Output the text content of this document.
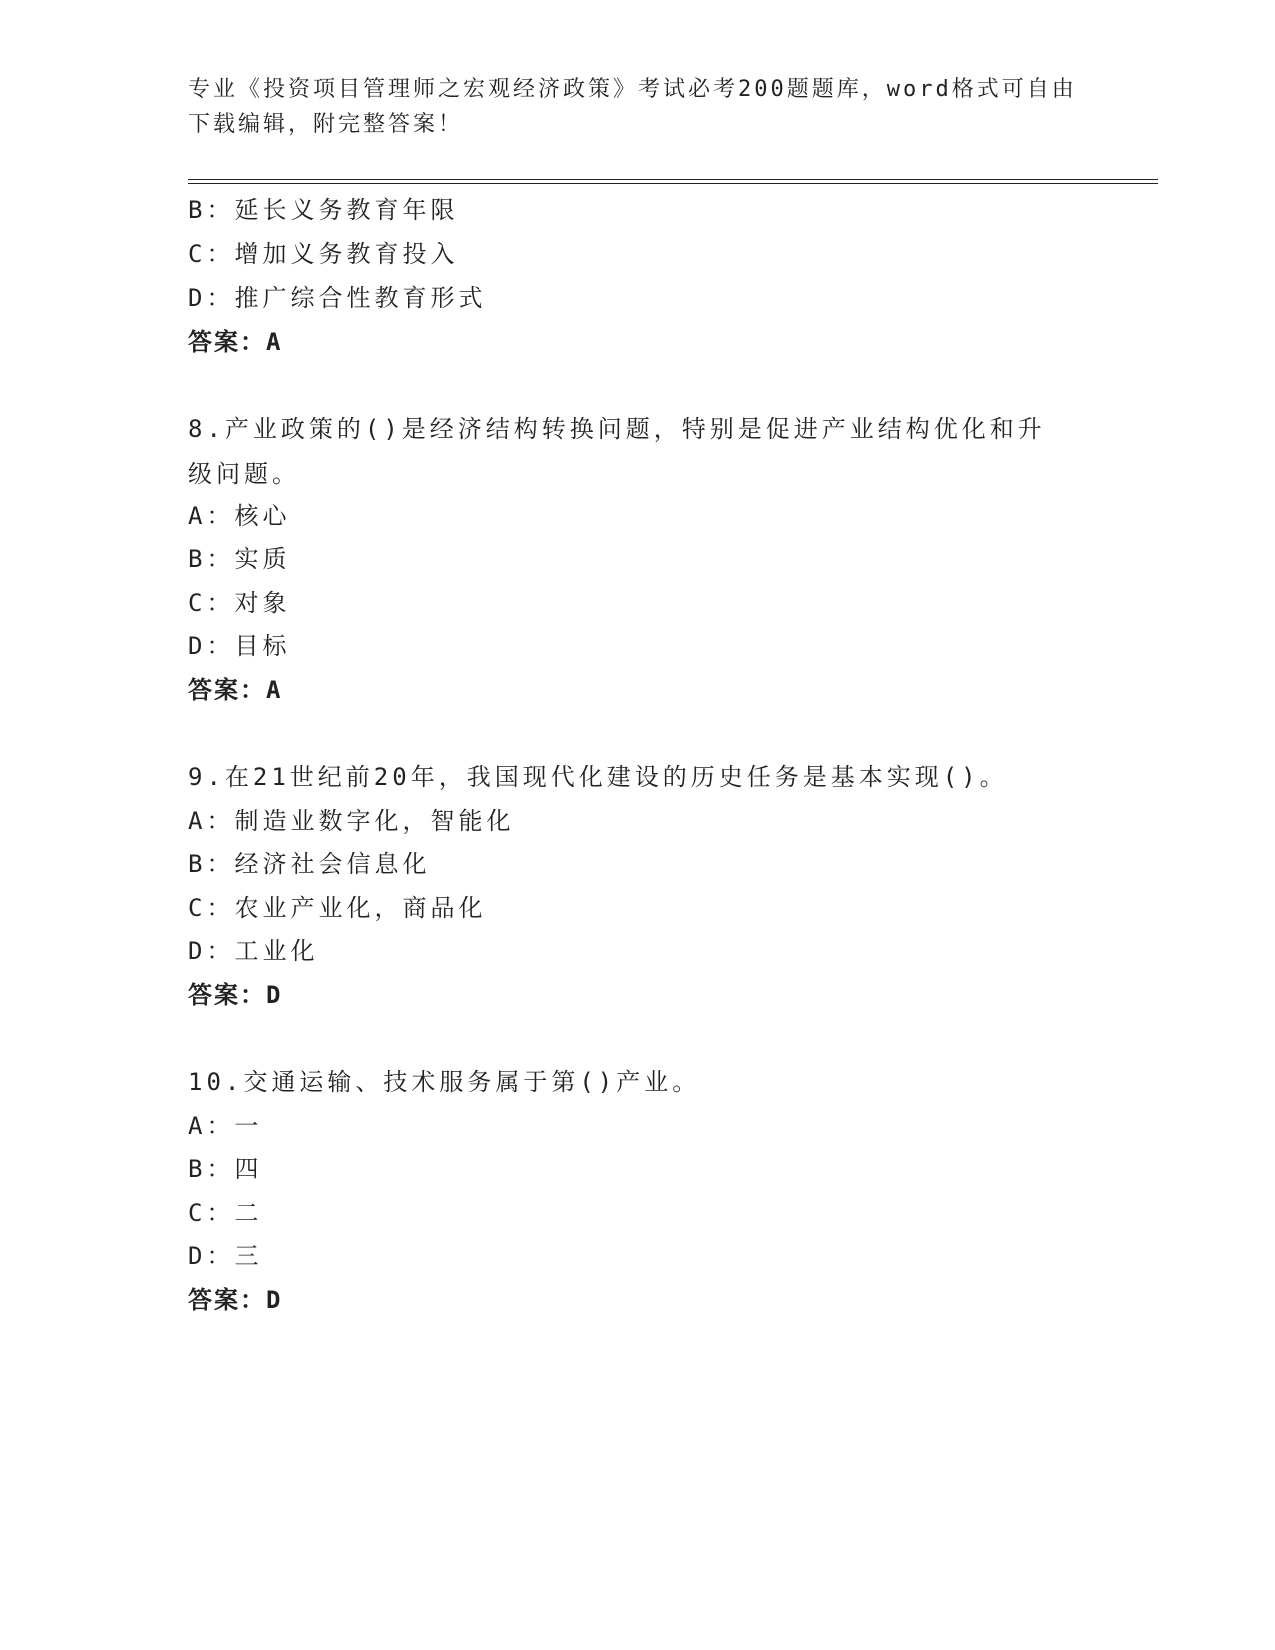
专业《投资项目管理师之宏观经济政策》考试必考200题题库，word格式可自由下载编辑，附完整答案！
B：延长义务教育年限
C：增加义务教育投入
D：推广综合性教育形式
答案：A
8.产业政策的()是经济结构转换问题，特别是促进产业结构优化和升级问题。
A：核心
B：实质
C：对象
D：目标
答案：A
9.在21世纪前20年，我国现代化建设的历史任务是基本实现()。
A：制造业数字化，智能化
B：经济社会信息化
C：农业产业化，商品化
D：工业化
答案：D
10.交通运输、技术服务属于第()产业。
A：一
B：四
C：二
D：三
答案：D
